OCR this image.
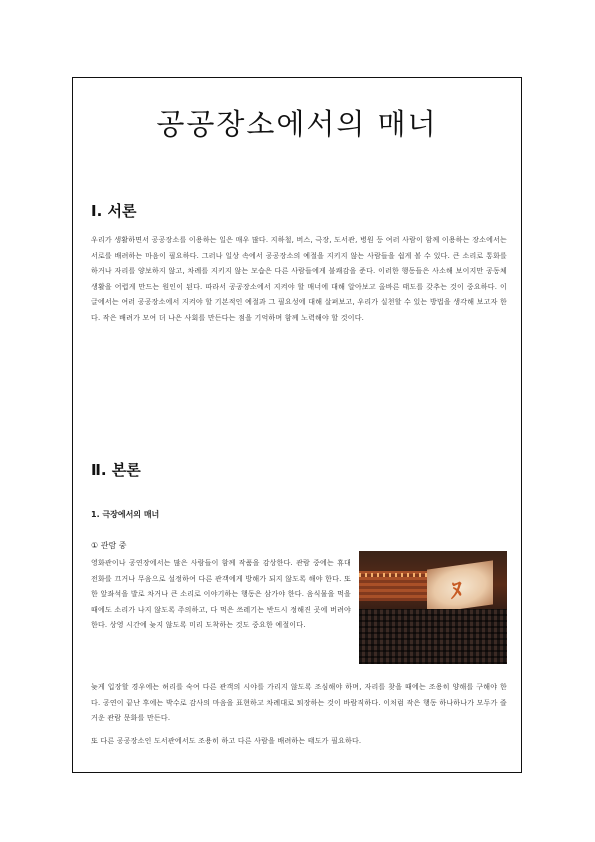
공공장소에서의 매너
Ⅰ. 서론
우리가 생활하면서 공공장소를 이용하는 일은 매우 많다. 지하철, 버스, 극장, 도서관, 병원 등 여러 사람이 함께 이용하는 장소에서는 서로를 배려하는 마음이 필요하다. 그러나 일상 속에서 공공장소의 예절을 지키지 않는 사람들을 쉽게 볼 수 있다. 큰 소리로 통화를 하거나 자리를 양보하지 않고, 차례를 지키지 않는 모습은 다른 사람들에게 불쾌감을 준다. 이러한 행동들은 사소해 보이지만 공동체 생활을 어렵게 만드는 원인이 된다. 따라서 공공장소에서 지켜야 할 매너에 대해 알아보고 올바른 태도를 갖추는 것이 중요하다. 이 글에서는 여러 공공장소에서 지켜야 할 기본적인 예절과 그 필요성에 대해 살펴보고, 우리가 실천할 수 있는 방법을 생각해 보고자 한다. 작은 배려가 모여 더 나은 사회를 만든다는 점을 기억하며 함께 노력해야 할 것이다.
Ⅱ. 본론
1. 극장에서의 매너
① 관람 중
영화관이나 공연장에서는 많은 사람들이 함께 작품을 감상한다. 관람 중에는 휴대전화를 끄거나 무음으로 설정하여 다른 관객에게 방해가 되지 않도록 해야 한다. 또한 앞좌석을 발로 차거나 큰 소리로 이야기하는 행동은 삼가야 한다. 음식물을 먹을 때에도 소리가 나지 않도록 주의하고, 다 먹은 쓰레기는 반드시 정해진 곳에 버려야 한다. 상영 시간에 늦지 않도록 미리 도착하는 것도 중요한 예절이다.
ﾇ
늦게 입장할 경우에는 허리를 숙여 다른 관객의 시야를 가리지 않도록 조심해야 하며, 자리를 찾을 때에는 조용히 양해를 구해야 한다. 공연이 끝난 후에는 박수로 감사의 마음을 표현하고 차례대로 퇴장하는 것이 바람직하다. 이처럼 작은 행동 하나하나가 모두가 즐거운 관람 문화를 만든다.
또 다른 공공장소인 도서관에서도 조용히 하고 다른 사람을 배려하는 태도가 필요하다.
